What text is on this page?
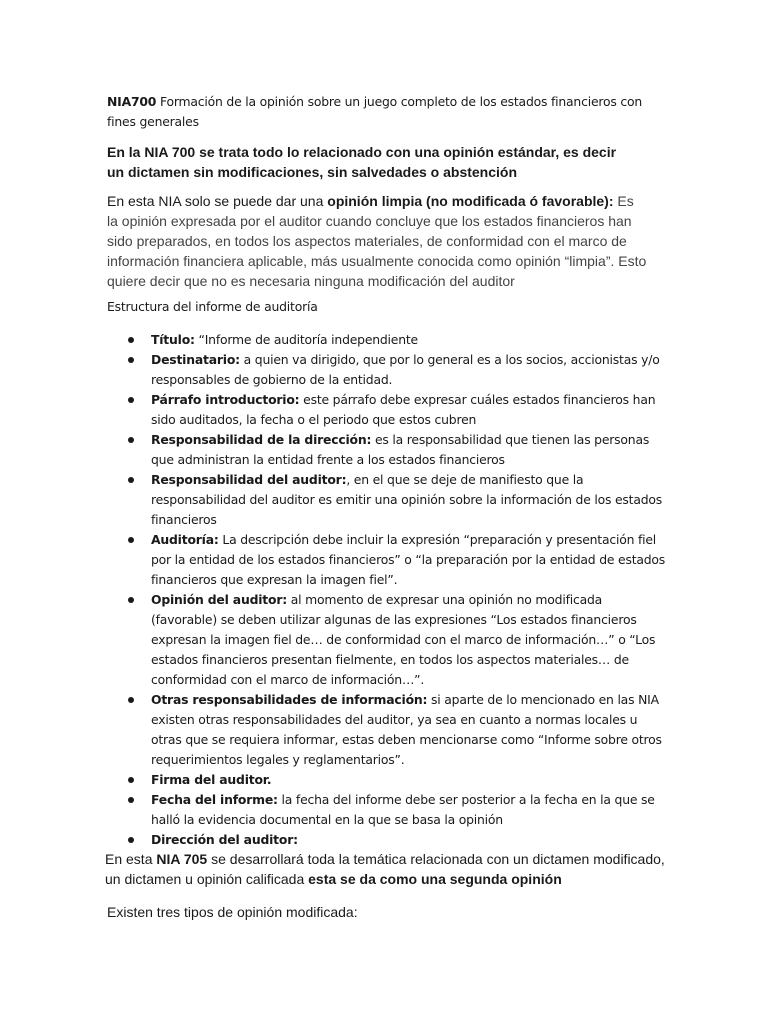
NIA700 Formación de la opinión sobre un juego completo de los estados financieros con fines generales
En la NIA 700 se trata todo lo relacionado con una opinión estándar, es decir un dictamen sin modificaciones, sin salvedades o abstención
En esta NIA solo se puede dar una opinión limpia (no modificada ó favorable): Es la opinión expresada por el auditor cuando concluye que los estados financieros han sido preparados, en todos los aspectos materiales, de conformidad con el marco de información financiera aplicable, más usualmente conocida como opinión “limpia”. Esto quiere decir que no es necesaria ninguna modificación del auditor
Estructura del informe de auditoría
Título: “Informe de auditoría independiente
Destinatario: a quien va dirigido, que por lo general es a los socios, accionistas y/o responsables de gobierno de la entidad.
Párrafo introductorio: este párrafo debe expresar cuáles estados financieros han sido auditados, la fecha o el periodo que estos cubren
Responsabilidad de la dirección: es la responsabilidad que tienen las personas que administran la entidad frente a los estados financieros
Responsabilidad del auditor:, en el que se deje de manifiesto que la responsabilidad del auditor es emitir una opinión sobre la información de los estados financieros
Auditoría: La descripción debe incluir la expresión “preparación y presentación fiel por la entidad de los estados financieros” o “la preparación por la entidad de estados financieros que expresan la imagen fiel”.
Opinión del auditor: al momento de expresar una opinión no modificada (favorable) se deben utilizar algunas de las expresiones “Los estados financieros expresan la imagen fiel de… de conformidad con el marco de información…” o “Los estados financieros presentan fielmente, en todos los aspectos materiales… de conformidad con el marco de información…”.
Otras responsabilidades de información: si aparte de lo mencionado en las NIA existen otras responsabilidades del auditor, ya sea en cuanto a normas locales u otras que se requiera informar, estas deben mencionarse como “Informe sobre otros requerimientos legales y reglamentarios”.
Firma del auditor.
Fecha del informe: la fecha del informe debe ser posterior a la fecha en la que se halló la evidencia documental en la que se basa la opinión
Dirección del auditor:
En esta NIA 705 se desarrollará toda la temática relacionada con un dictamen modificado, un dictamen u opinión calificada esta se da como una segunda opinión
Existen tres tipos de opinión modificada:
